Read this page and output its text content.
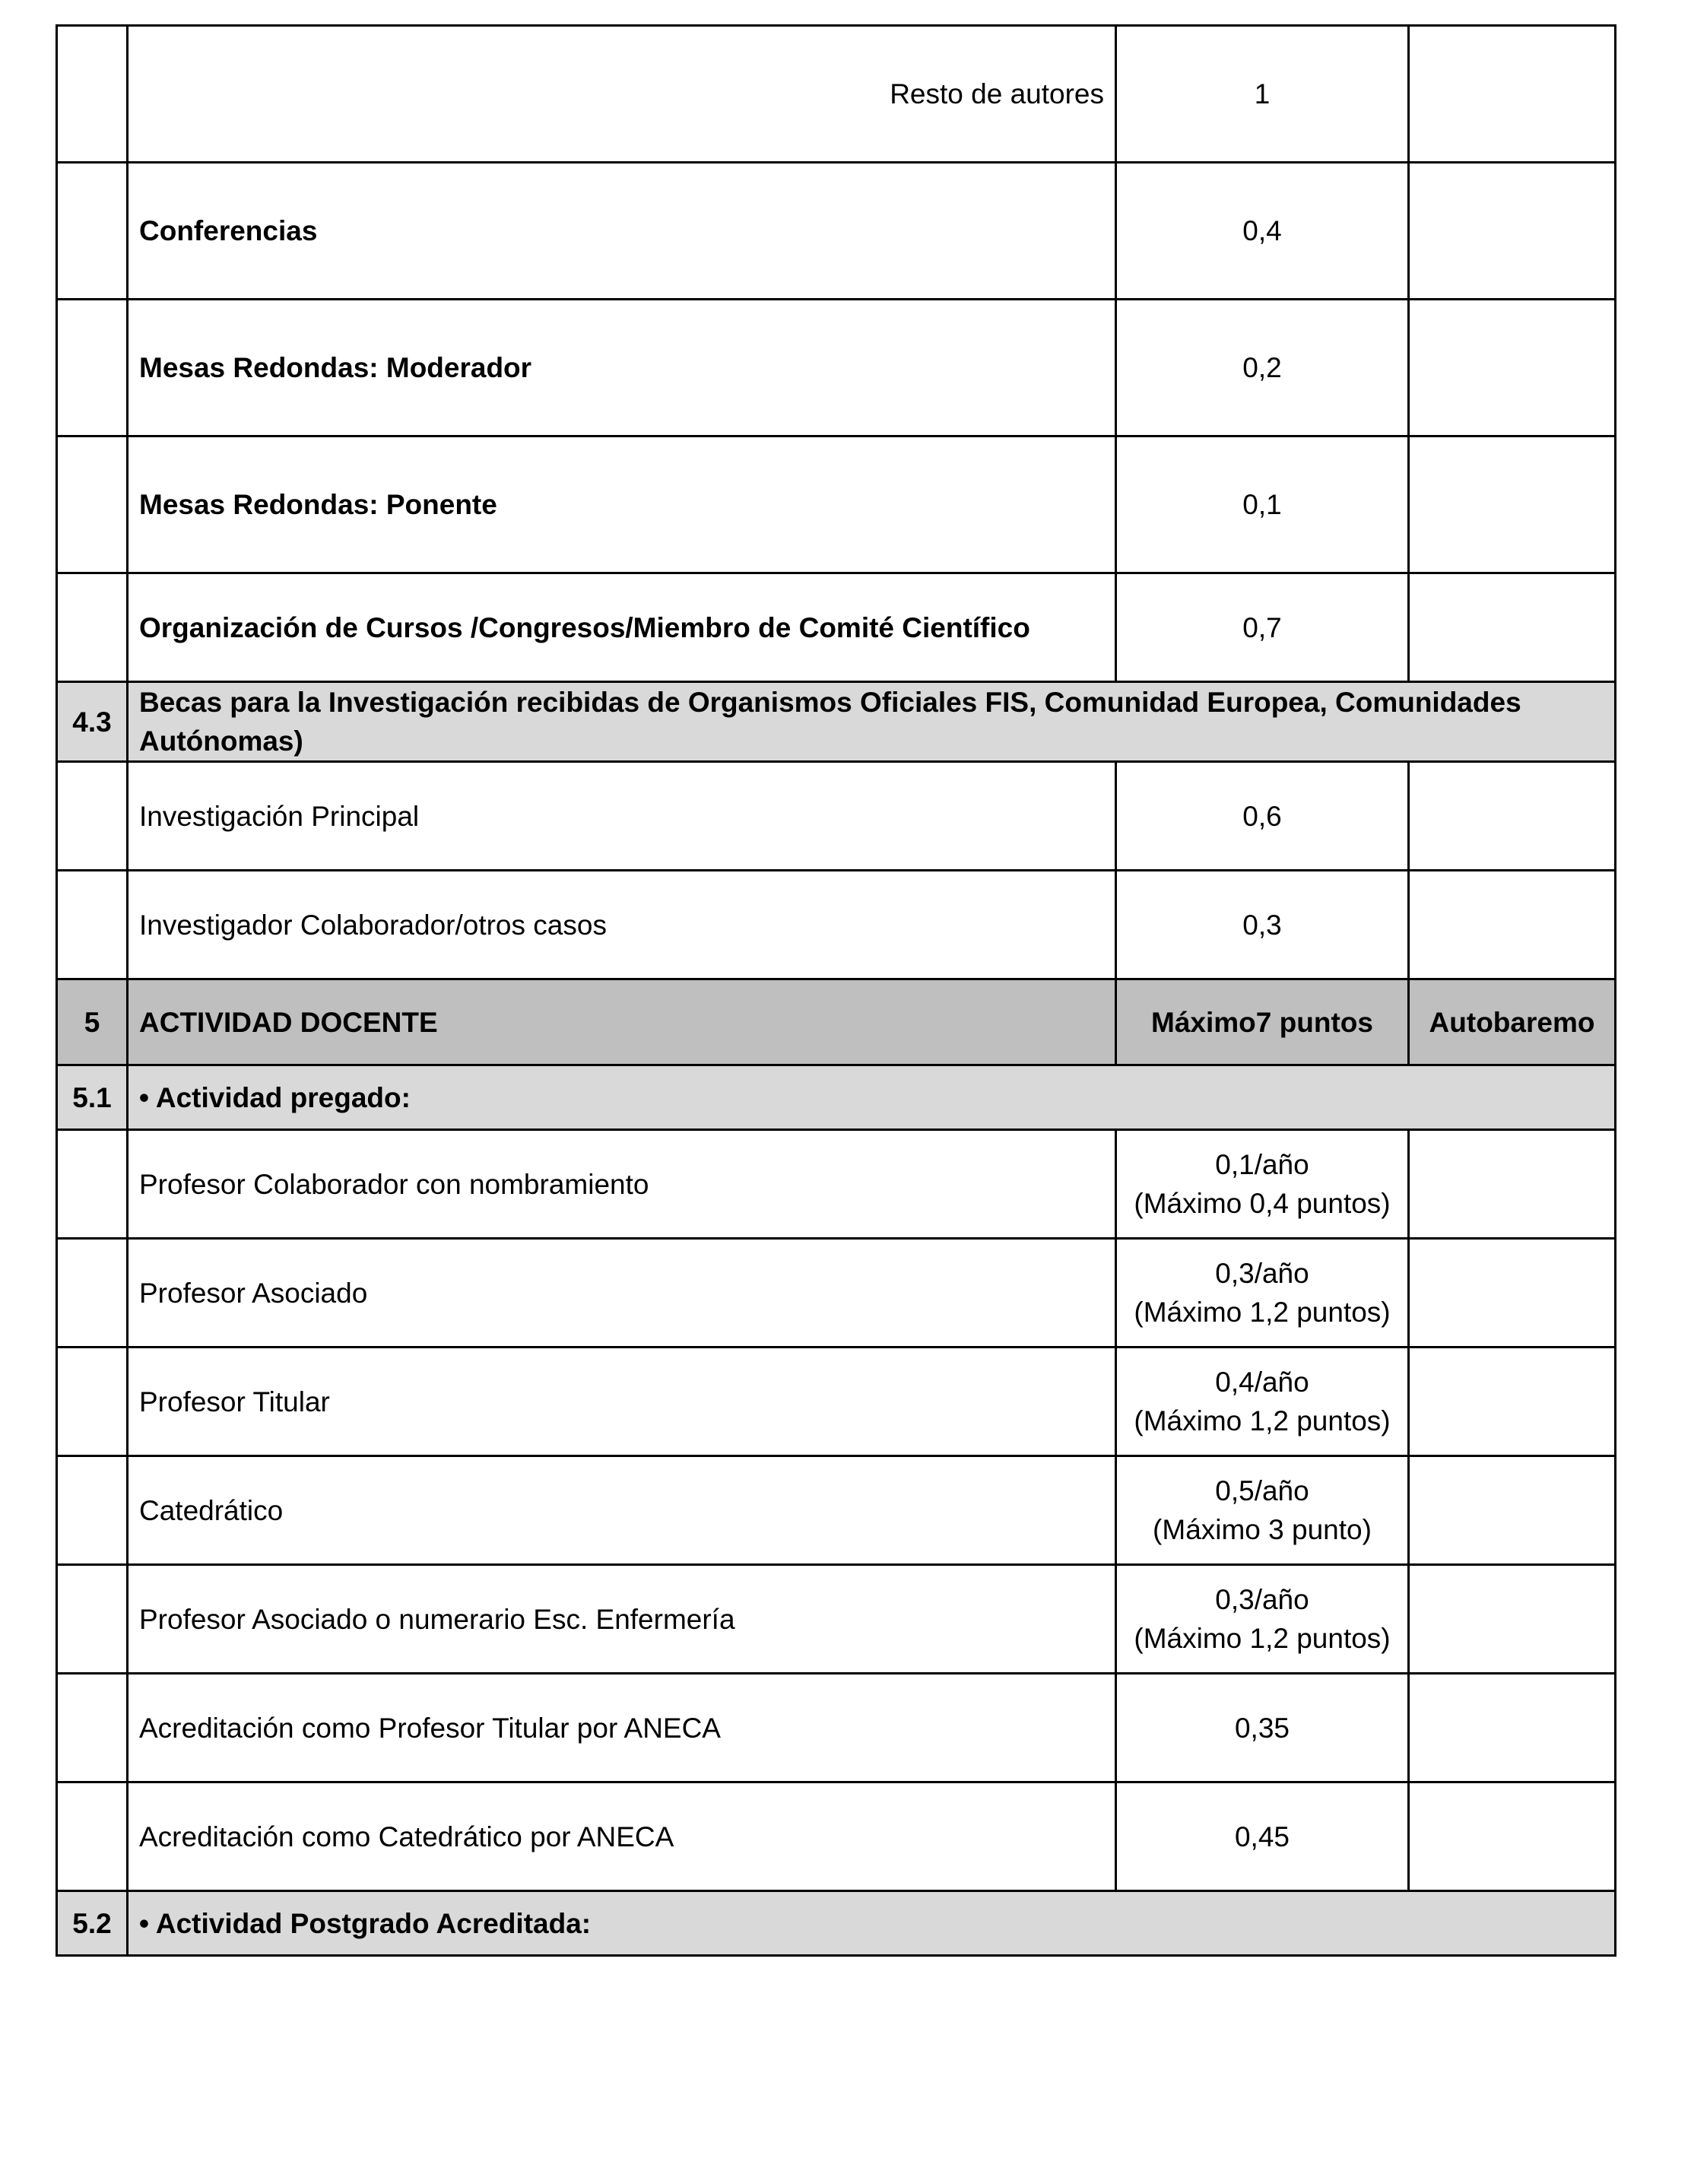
	Resto de autores	1	
	Conferencias	0,4	
	Mesas Redondas: Moderador	0,2	
	Mesas Redondas: Ponente	0,1	
	Organización de Cursos /Congresos/Miembro de Comité Científico	0,7	
4.3	Becas para la Investigación recibidas de Organismos Oficiales FIS, Comunidad Europea, Comunidades Autónomas)		
	Investigación Principal	0,6	
	Investigador Colaborador/otros casos	0,3	
5	ACTIVIDAD DOCENTE	Máximo7 puntos	Autobaremo
5.1	• Actividad pregado:		
	Profesor Colaborador con nombramiento	0,1/año
(Máximo 0,4 puntos)	

	Profesor Asociado	0,3/año
(Máximo 1,2 puntos)	

	Profesor Titular	0,4/año
(Máximo 1,2 puntos)	

	Catedrático	0,5/año
(Máximo 3 punto)	

	Profesor Asociado o numerario Esc. Enfermería	0,3/año
(Máximo 1,2 puntos)	

	Acreditación como Profesor Titular por ANECA	0,35	
	Acreditación como Catedrático por ANECA	0,45	
5.2	• Actividad Postgrado Acreditada:		
